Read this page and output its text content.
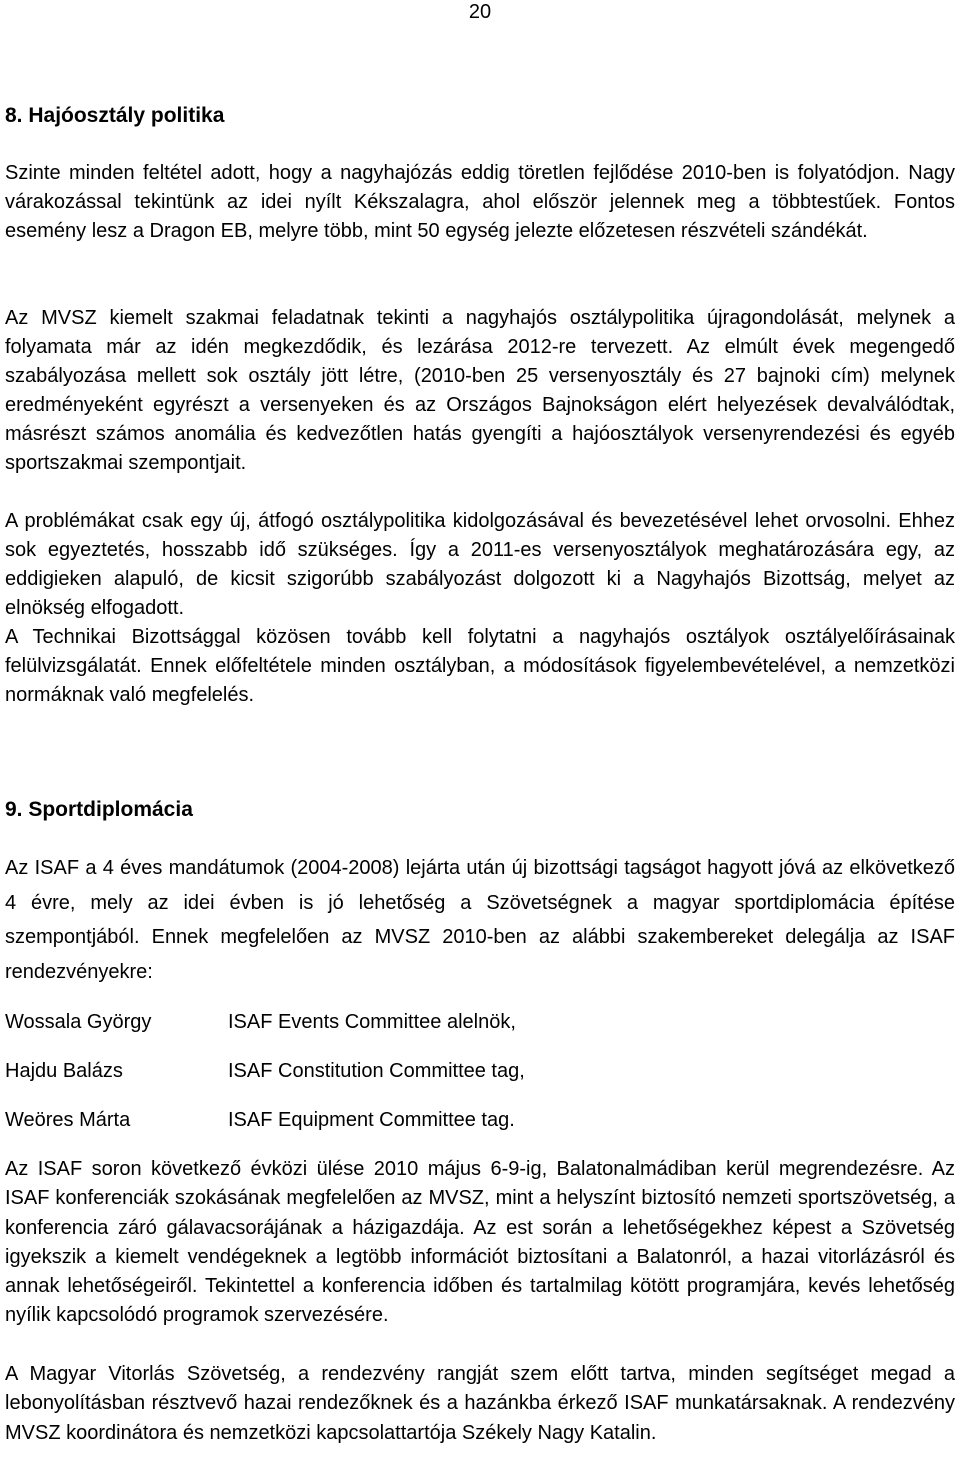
20
8. Hajóosztály politika

Szinte minden feltétel adott, hogy a nagyhajózás eddig töretlen fejlődése 2010-ben is folyatódjon. Nagy várakozással tekintünk az idei nyílt Kékszalagra, ahol először jelennek meg a többtestűek. Fontos esemény lesz a Dragon EB, melyre több, mint 50 egység jelezte előzetesen részvételi szándékát.

Az MVSZ kiemelt szakmai feladatnak tekinti a nagyhajós osztálypolitika újragondolását, melynek a folyamata már az idén megkezdődik, és lezárása 2012-re tervezett. Az elmúlt évek megengedő szabályozása mellett sok osztály jött létre, (2010-ben 25 versenyosztály és 27 bajnoki cím) melynek eredményeként egyrészt a versenyeken és az Országos Bajnokságon elért helyezések devalválódtak, másrészt számos anomália és kedvezőtlen hatás gyengíti a hajóosztályok versenyrendezési és egyéb sportszakmai szempontjait.

A problémákat csak egy új, átfogó osztálypolitika kidolgozásával és bevezetésével lehet orvosolni. Ehhez sok egyeztetés, hosszabb idő szükséges. Így a 2011-es versenyosztályok meghatározására egy, az eddigieken alapuló, de kicsit szigorúbb szabályozást dolgozott ki a Nagyhajós Bizottság, melyet az elnökség elfogadott.

A Technikai Bizottsággal közösen tovább kell folytatni a nagyhajós osztályok osztályelőírásainak felülvizsgálatát. Ennek előfeltétele minden osztályban, a módosítások figyelembevételével, a nemzetközi normáknak való megfelelés.

9. Sportdiplomácia

Az ISAF a 4 éves mandátumok (2004-2008) lejárta után új bizottsági tagságot hagyott jóvá az elkövetkező 4 évre, mely az idei évben is jó lehetőség a Szövetségnek a magyar sportdiplomácia építése szempontjából. Ennek megfelelően az MVSZ 2010-ben az alábbi szakembereket delegálja az ISAF rendezvényekre:

Wossala György	ISAF Events Committee alelnök,
Hajdu Balázs	ISAF Constitution Committee tag,
Weöres Márta	ISAF Equipment Committee tag.

Az ISAF soron következő évközi ülése 2010 május 6-9-ig, Balatonalmádiban kerül megrendezésre. Az ISAF konferenciák szokásának megfelelően az MVSZ, mint a helyszínt biztosító nemzeti sportszövetség, a konferencia záró gálavacsorájának a házigazdája. Az est során a lehetőségekhez képest a Szövetség igyekszik a kiemelt vendégeknek a legtöbb információt biztosítani a Balatonról, a hazai vitorlázásról és annak lehetőségeiről. Tekintettel a konferencia időben és tartalmilag kötött programjára, kevés lehetőség nyílik kapcsolódó programok szervezésére.

A Magyar Vitorlás Szövetség, a rendezvény rangját szem előtt tartva, minden segítséget megad a lebonyolításban résztvevő hazai rendezőknek és a hazánkba érkező ISAF munkatársaknak. A rendezvény MVSZ koordinátora és nemzetközi kapcsolattartója Székely Nagy Katalin.
